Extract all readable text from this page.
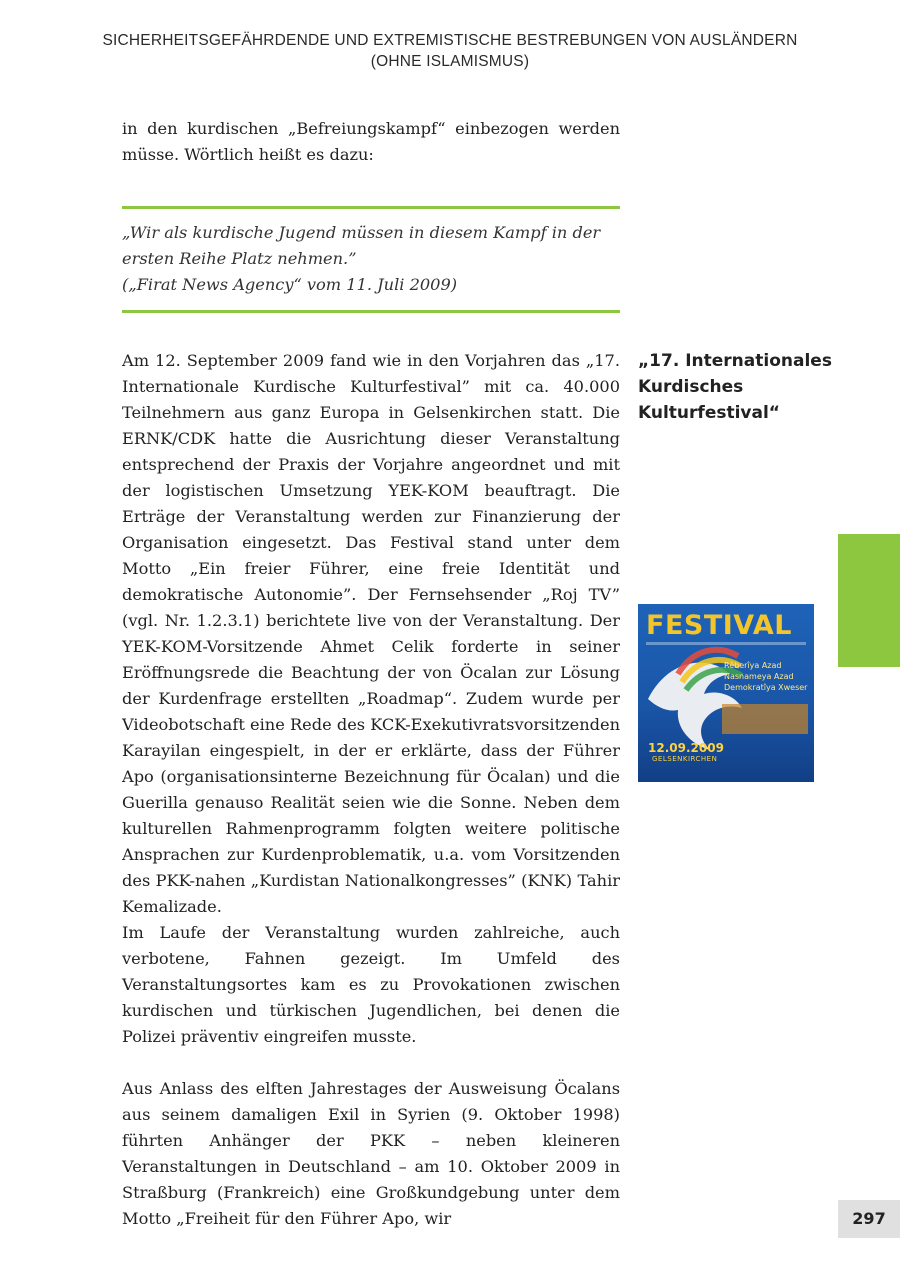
SICHERHEITSGEFÄHRDENDE UND EXTREMISTISCHE BESTREBUNGEN VON AUSLÄNDERN
(OHNE ISLAMISMUS)

in den kurdischen „Befreiungskampf“ einbezogen werden müsse. Wörtlich heißt es dazu:

„Wir als kurdische Jugend müssen in diesem Kampf in der ersten Reihe Platz nehmen.”
(„Firat News Agency“ vom 11. Juli 2009)
„17. Internationales Kurdisches Kulturfestival“

Am 12. September 2009 fand wie in den Vorjahren das „17. Internationale Kurdische Kulturfestival” mit ca. 40.000 Teilnehmern aus ganz Europa in Gelsenkirchen statt. Die ERNK/CDK hatte die Ausrichtung dieser Veranstaltung entsprechend der Praxis der Vorjahre angeordnet und mit der logistischen Umsetzung YEK-KOM beauftragt. Die Erträge der Veranstaltung werden zur Finanzierung der Organisation eingesetzt. Das Festival stand unter dem Motto „Ein freier Führer, eine freie Identität und demokratische Autonomie”. Der Fernsehsender „Roj TV” (vgl. Nr. 1.2.3.1) berichtete live von der Veranstaltung. Der YEK-KOM-Vorsitzende Ahmet Celik forderte in seiner Eröffnungsrede die Beachtung der von Öcalan zur Lösung der Kurdenfrage erstellten „Roadmap“. Zudem wurde per Videobotschaft eine Rede des KCK-Exekutivratsvorsitzenden Karayilan eingespielt, in der er erklärte, dass der Führer Apo (organisationsinterne Bezeichnung für Öcalan) und die Guerilla genauso Realität seien wie die Sonne. Neben dem kulturellen Rahmenprogramm folgten weitere politische Ansprachen zur Kurdenproblematik, u.a. vom Vorsitzenden des PKK-nahen „Kurdistan Nationalkongresses” (KNK) Tahir Kemalizade.

Im Laufe der Veranstaltung wurden zahlreiche, auch verbotene, Fahnen gezeigt. Im Umfeld des Veranstaltungsortes kam es zu Provokationen zwischen kurdischen und türkischen Jugendlichen, bei denen die Polizei präventiv eingreifen musste.

Aus Anlass des elften Jahrestages der Ausweisung Öcalans aus seinem damaligen Exil in Syrien (9. Oktober 1998) führten Anhänger der PKK – neben kleineren Veranstaltungen in Deutschland – am 10. Oktober 2009 in Straßburg (Frankreich) eine Großkundgebung unter dem Motto „Freiheit für den Führer Apo, wir

FESTIVAL
Rêberîya Azad
Nasnameya Azad
Demokratîya Xweser
12.09.2009
GELSENKIRCHEN
297
